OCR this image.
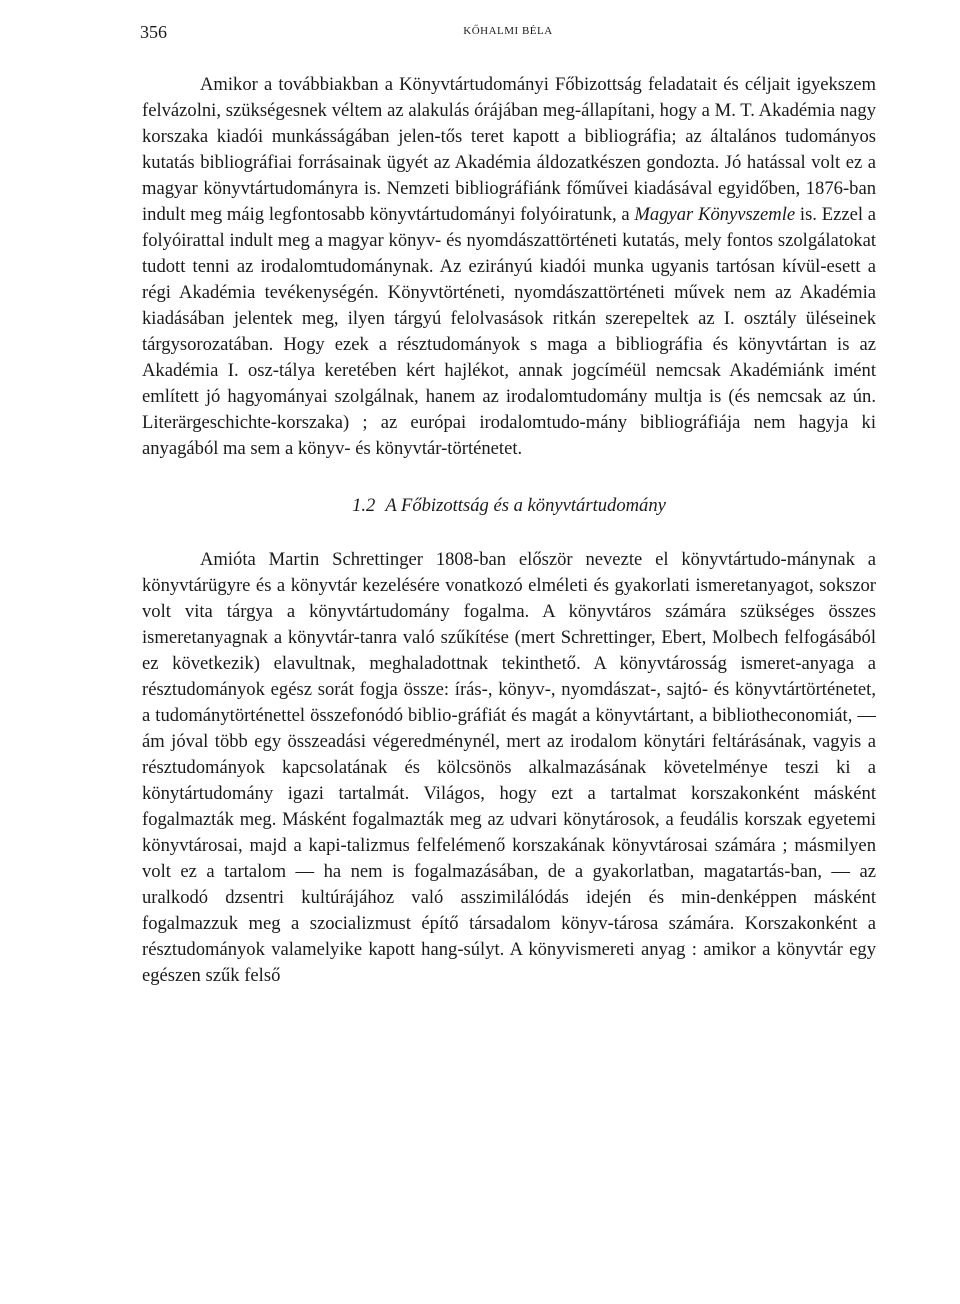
356	KŐHALMI BÉLA

Amikor a továbbiakban a Könyvtártudományi Főbizottság feladatait és céljait igyekszem felvázolni, szükségesnek véltem az alakulás órájában meg-állapítani, hogy a M. T. Akadémia nagy korszaka kiadói munkásságában jelen-tős teret kapott a bibliográfia; az általános tudományos kutatás bibliográfiai forrásainak ügyét az Akadémia áldozatkészen gondozta. Jó hatással volt ez a magyar könyvtártudományra is. Nemzeti bibliográfiánk főművei kiadásával egyidőben, 1876-ban indult meg máig legfontosabb könyvtártudományi folyóiratunk, a Magyar Könyvszemle is. Ezzel a folyóirattal indult meg a magyar könyv- és nyomdászattörténeti kutatás, mely fontos szolgálatokat tudott tenni az irodalomtudománynak. Az ezirányú kiadói munka ugyanis tartósan kívül-esett a régi Akadémia tevékenységén. Könyvtörténeti, nyomdászattörténeti művek nem az Akadémia kiadásában jelentek meg, ilyen tárgyú felolvasások ritkán szerepeltek az I. osztály üléseinek tárgysorozatában. Hogy ezek a résztudományok s maga a bibliográfia és könyvtártan is az Akadémia I. osz-tálya keretében kért hajlékot, annak jogcíméül nemcsak Akadémiánk imént említett jó hagyományai szolgálnak, hanem az irodalomtudomány multja is (és nemcsak az ún. Literärgeschichte-korszaka) ; az európai irodalomtudo-mány bibliográfiája nem hagyja ki anyagából ma sem a könyv- és könyvtár-történetet.

1.2 A Főbizottság és a könyvtártudomány

Amióta Martin Schrettinger 1808-ban először nevezte el könyvtártudo-mánynak a könyvtárügyre és a könyvtár kezelésére vonatkozó elméleti és gyakorlati ismeretanyagot, sokszor volt vita tárgya a könyvtártudomány fogalma. A könyvtáros számára szükséges összes ismeretanyagnak a könyvtár-tanra való szűkítése (mert Schrettinger, Ebert, Molbech felfogásából ez következik) elavultnak, meghaladottnak tekinthető. A könyvtárosság ismeret-anyaga a résztudományok egész sorát fogja össze: írás-, könyv-, nyomdászat-, sajtó- és könyvtártörténetet, a tudománytörténettel összefonódó biblio-gráfiát és magát a könyvtártant, a bibliotheconomiát, — ám jóval több egy összeadási végeredménynél, mert az irodalom könytári feltárásának, vagyis a résztudományok kapcsolatának és kölcsönös alkalmazásának követelménye teszi ki a könytártudomány igazi tartalmát. Világos, hogy ezt a tartalmat korszakonként másként fogalmazták meg. Másként fogalmazták meg az udvari könytárosok, a feudális korszak egyetemi könyvtárosai, majd a kapi-talizmus felfelémenő korszakának könyvtárosai számára ; másmilyen volt ez a tartalom — ha nem is fogalmazásában, de a gyakorlatban, magatartás-ban, — az uralkodó dzsentri kultúrájához való asszimilálódás idején és min-denképpen másként fogalmazzuk meg a szocializmust építő társadalom könyv-tárosa számára. Korszakonként a résztudományok valamelyike kapott hang-súlyt. A könyvismereti anyag : amikor a könyvtár egy egészen szűk felső
